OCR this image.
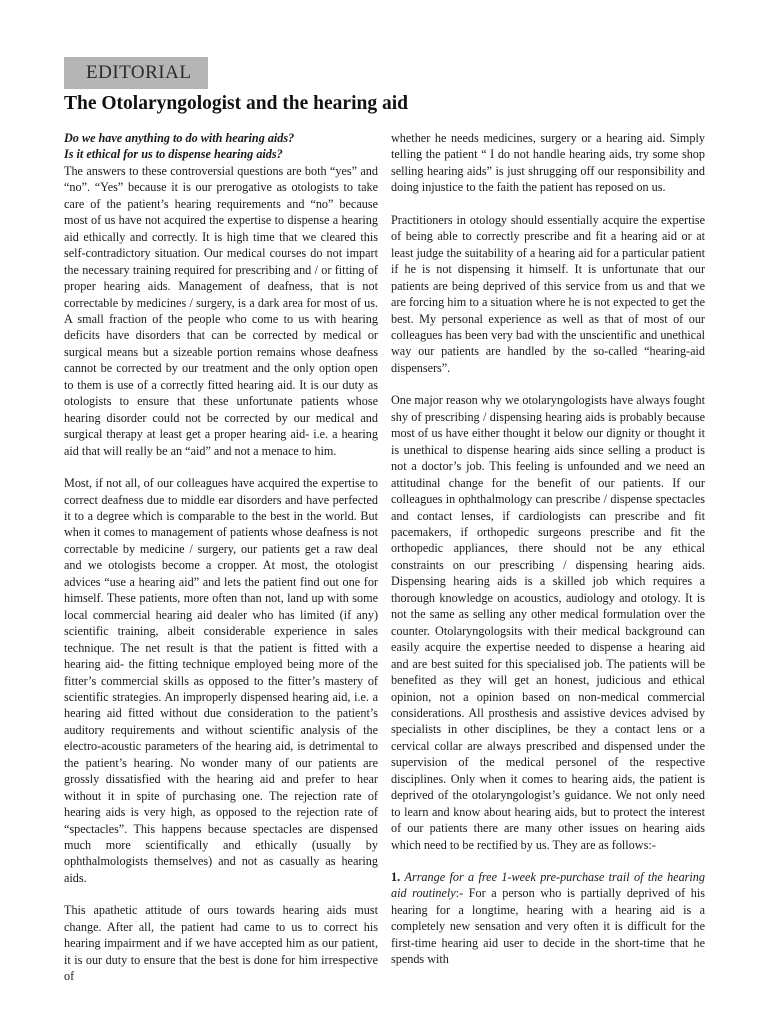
EDITORIAL
The Otolaryngologist and the hearing aid

Do we have anything to do with hearing aids?
Is it ethical for us to dispense hearing aids?

The answers to these controversial questions are both “yes” and “no”. “Yes” because it is our prerogative as otologists to take care of the patient’s hearing requirements and “no” because most of us have not acquired the expertise to dispense a hearing aid ethically and correctly. It is high time that we cleared this self-contradictory situation. Our medical courses do not impart the necessary training required for prescribing and / or fitting of proper hearing aids. Management of deafness, that is not correctable by medicines / surgery, is a dark area for most of us. A small fraction of the people who come to us with hearing deficits have disorders that can be corrected by medical or surgical means but a sizeable portion remains whose deafness cannot be corrected by our treatment and the only option open to them is use of a correctly fitted hearing aid. It is our duty as otologists to ensure that these unfortunate patients whose hearing disorder could not be corrected by our medical and surgical therapy at least get a proper hearing aid- i.e. a hearing aid that will really be an “aid” and not a menace to him.

Most, if not all, of our colleagues have acquired the expertise to correct deafness due to middle ear disorders and have perfected it to a degree which is comparable to the best in the world. But when it comes to management of patients whose deafness is not correctable by medicine / surgery, our patients get a raw deal and we otologists become a cropper. At most, the otologist advices “use a hearing aid” and lets the patient find out one for himself. These patients, more often than not, land up with some local commercial hearing aid dealer who has limited (if any) scientific training, albeit considerable experience in sales technique. The net result is that the patient is fitted with a hearing aid- the fitting technique employed being more of the fitter’s commercial skills as opposed to the fitter’s mastery of scientific strategies. An improperly dispensed hearing aid, i.e. a hearing aid fitted without due consideration to the patient’s auditory requirements and without scientific analysis of the electro-acoustic parameters of the hearing aid, is detrimental to the patient’s hearing. No wonder many of our patients are grossly dissatisfied with the hearing aid and prefer to hear without it in spite of purchasing one. The rejection rate of hearing aids is very high, as opposed to the rejection rate of “spectacles”. This happens because spectacles are dispensed much more scientifically and ethically (usually by ophthalmologists themselves) and not as casually as hearing aids.

This apathetic attitude of ours towards hearing aids must change. After all, the patient had came to us to correct his hearing impairment and if we have accepted him as our patient, it is our duty to ensure that the best is done for him irrespective of

whether he needs medicines, surgery or a hearing aid. Simply telling the patient “ I do not handle hearing aids, try some shop selling hearing aids” is just shrugging off our responsibility and doing injustice to the faith the patient has reposed on us.

Practitioners in otology should essentially acquire the expertise of being able to correctly prescribe and fit a hearing aid or at least judge the suitability of a hearing aid for a particular patient if he is not dispensing it himself. It is unfortunate that our patients are being deprived of this service from us and that we are forcing him to a situation where he is not expected to get the best. My personal experience as well as that of most of our colleagues has been very bad with the unscientific and unethical way our patients are handled by the so-called “hearing-aid dispensers”.

One major reason why we otolaryngologists have always fought shy of prescribing / dispensing hearing aids is probably because most of us have either thought it below our dignity or thought it is unethical to dispense hearing aids since selling a product is not a doctor’s job. This feeling is unfounded and we need an attitudinal change for the benefit of our patients. If our colleagues in ophthalmology can prescribe / dispense spectacles and contact lenses, if cardiologists can prescribe and fit pacemakers, if orthopedic surgeons prescribe and fit the orthopedic appliances, there should not be any ethical constraints on our prescribing / dispensing hearing aids. Dispensing hearing aids is a skilled job which requires a thorough knowledge on acoustics, audiology and otology. It is not the same as selling any other medical formulation over the counter. Otolaryngologsits with their medical background can easily acquire the expertise needed to dispense a hearing aid and are best suited for this specialised job. The patients will be benefited as they will get an honest, judicious and ethical opinion, not a opinion based on non-medical commercial considerations. All prosthesis and assistive devices advised by specialists in other disciplines, be they a contact lens or a cervical collar are always prescribed and dispensed under the supervision of the medical personel of the respective disciplines. Only when it comes to hearing aids, the patient is deprived of the otolaryngologist’s guidance. We not only need to learn and know about hearing aids, but to protect the interest of our patients there are many other issues on hearing aids which need to be rectified by us. They are as follows:-

1. Arrange for a free 1-week pre-purchase trail of the hearing aid routinely:- For a person who is partially deprived of his hearing for a longtime, hearing with a hearing aid is a completely new sensation and very often it is difficult for the first-time hearing aid user to decide in the short-time that he spends with
